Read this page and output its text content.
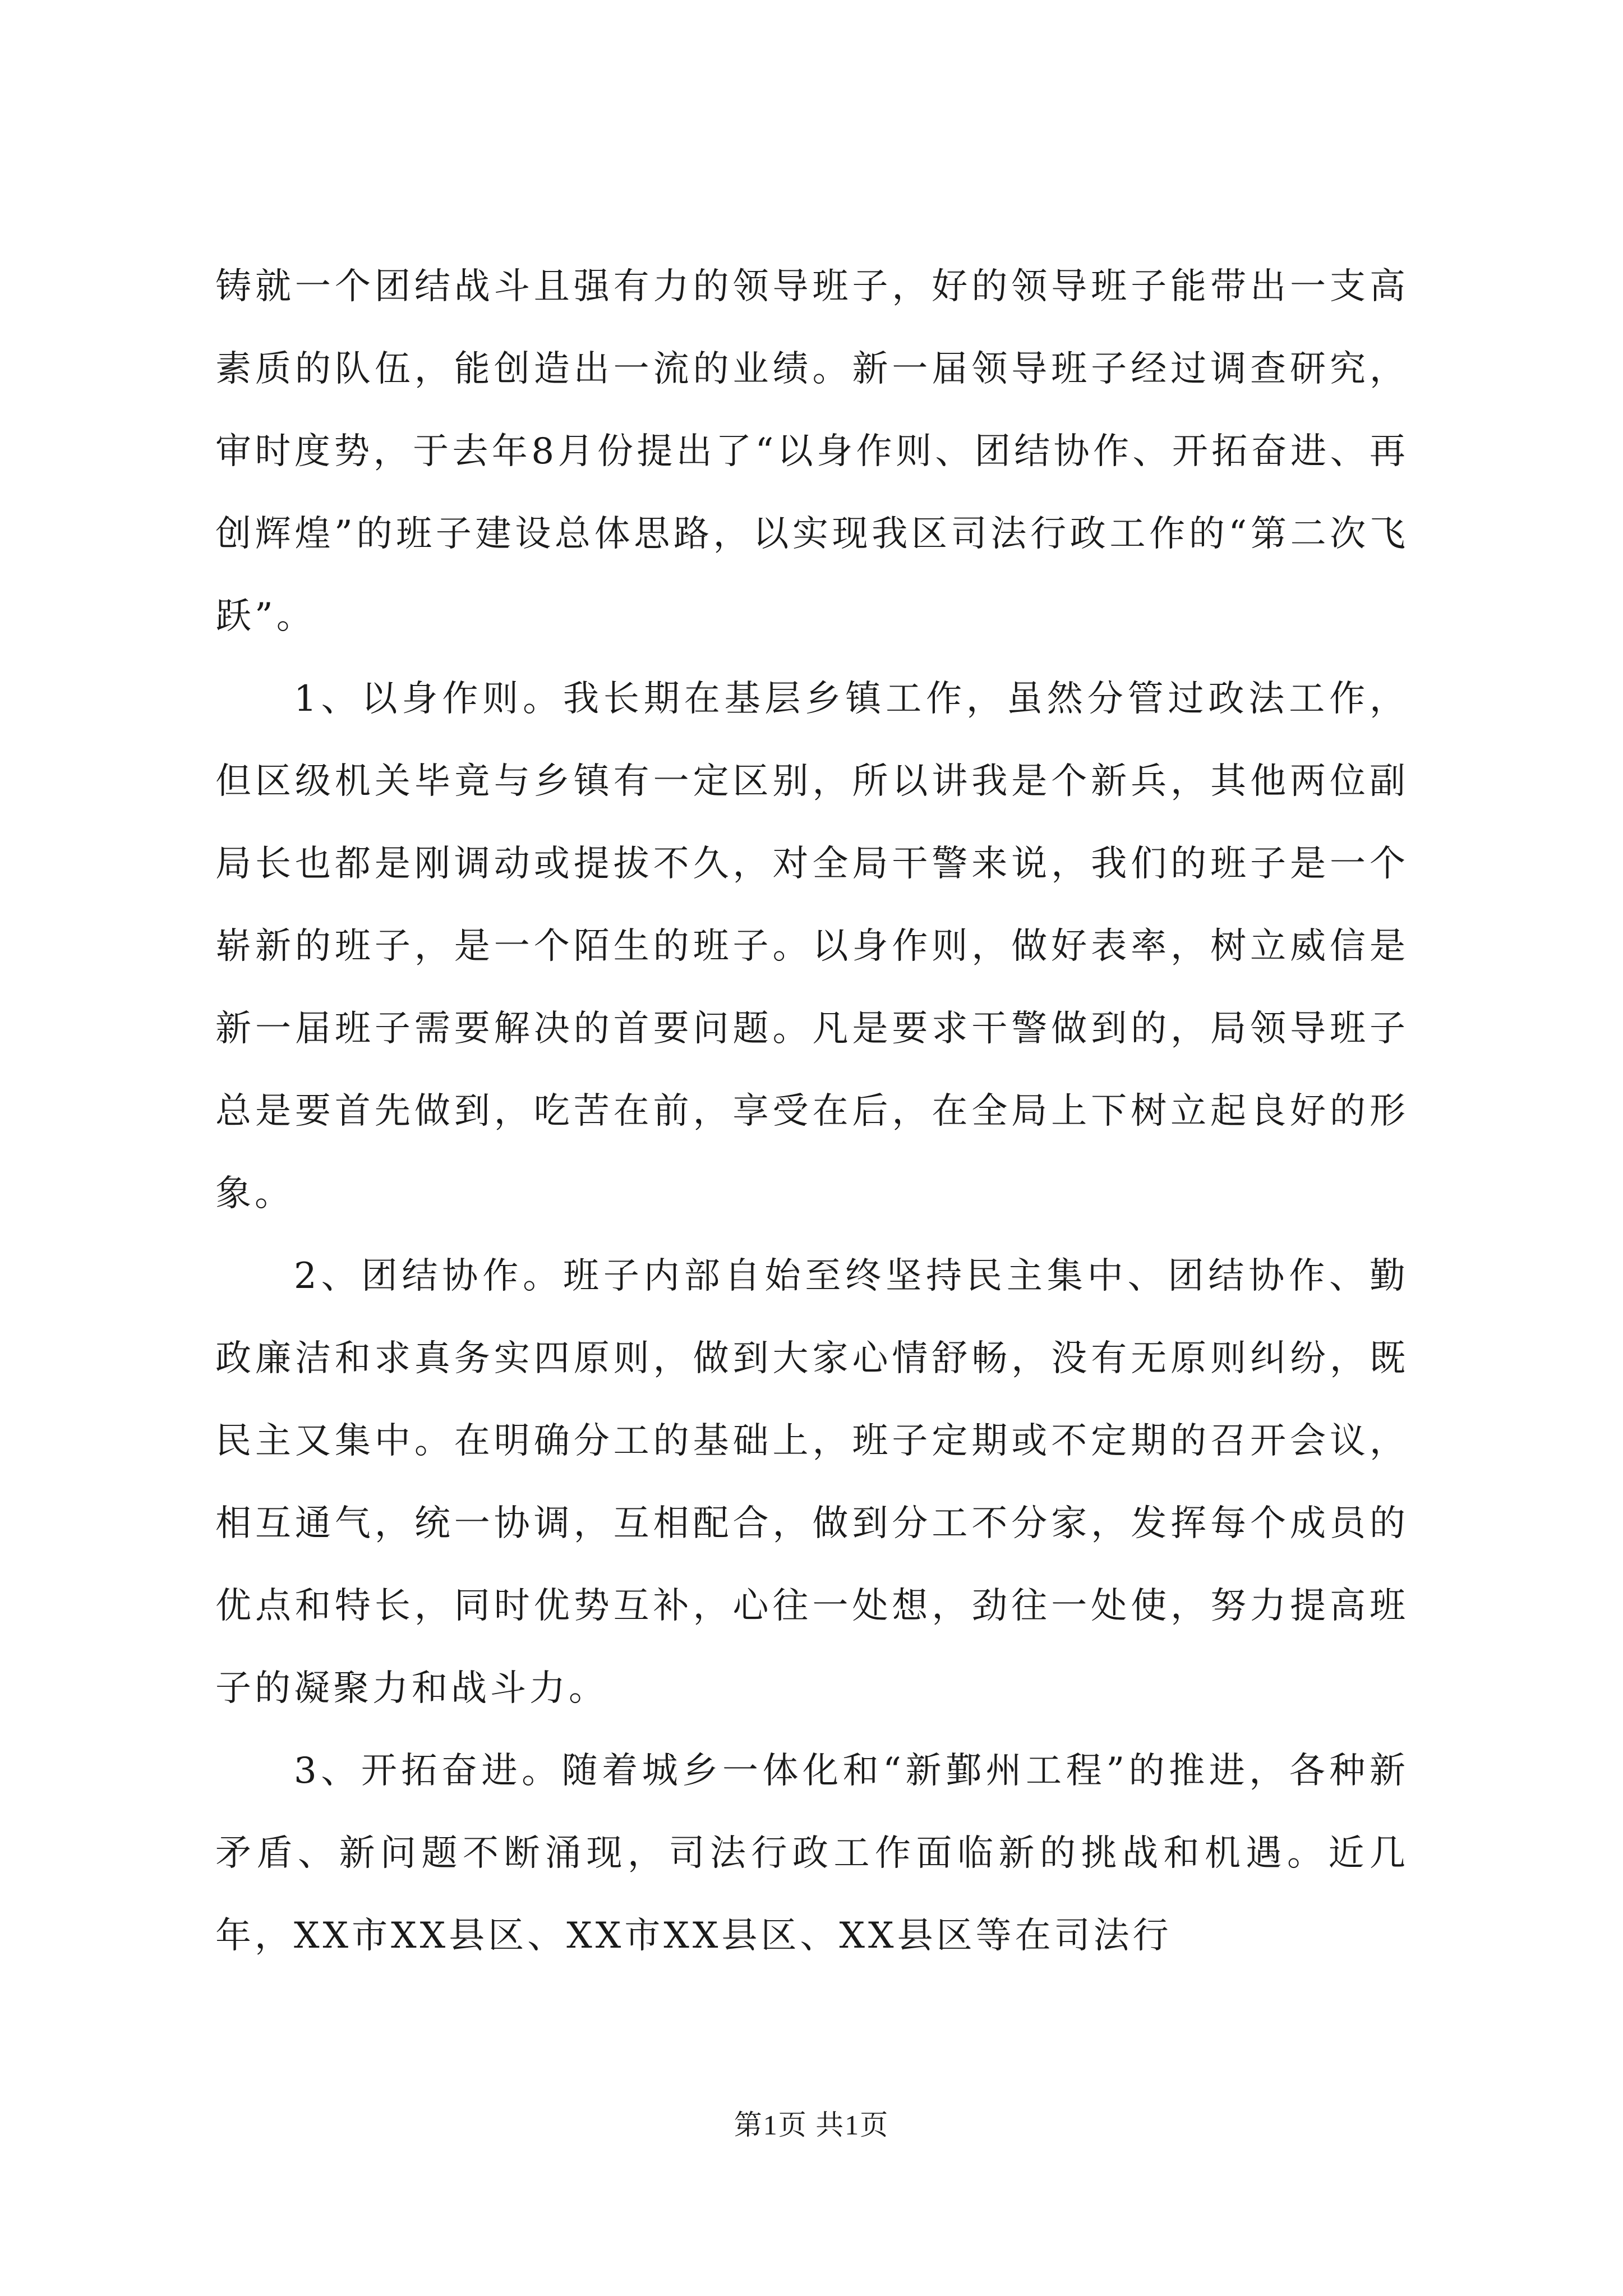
铸就一个团结战斗且强有力的领导班子，好的领导班子能带出一支高素质的队伍，能创造出一流的业绩。新一届领导班子经过调查研究，审时度势，于去年8月份提出了“以身作则、团结协作、开拓奋进、再创辉煌”的班子建设总体思路，以实现我区司法行政工作的“第二次飞跃”。

1、以身作则。我长期在基层乡镇工作，虽然分管过政法工作，但区级机关毕竟与乡镇有一定区别，所以讲我是个新兵，其他两位副局长也都是刚调动或提拔不久，对全局干警来说，我们的班子是一个崭新的班子，是一个陌生的班子。以身作则，做好表率，树立威信是新一届班子需要解决的首要问题。凡是要求干警做到的，局领导班子总是要首先做到，吃苦在前，享受在后，在全局上下树立起良好的形象。

2、团结协作。班子内部自始至终坚持民主集中、团结协作、勤政廉洁和求真务实四原则，做到大家心情舒畅，没有无原则纠纷，既民主又集中。在明确分工的基础上，班子定期或不定期的召开会议，相互通气，统一协调，互相配合，做到分工不分家，发挥每个成员的优点和特长，同时优势互补，心往一处想，劲往一处使，努力提高班子的凝聚力和战斗力。

3、开拓奋进。随着城乡一体化和“新鄞州工程”的推进，各种新矛盾、新问题不断涌现，司法行政工作面临新的挑战和机遇。近几年，XX市XX县区、XX市XX县区、XX县区等在司法行

第1页 共1页
